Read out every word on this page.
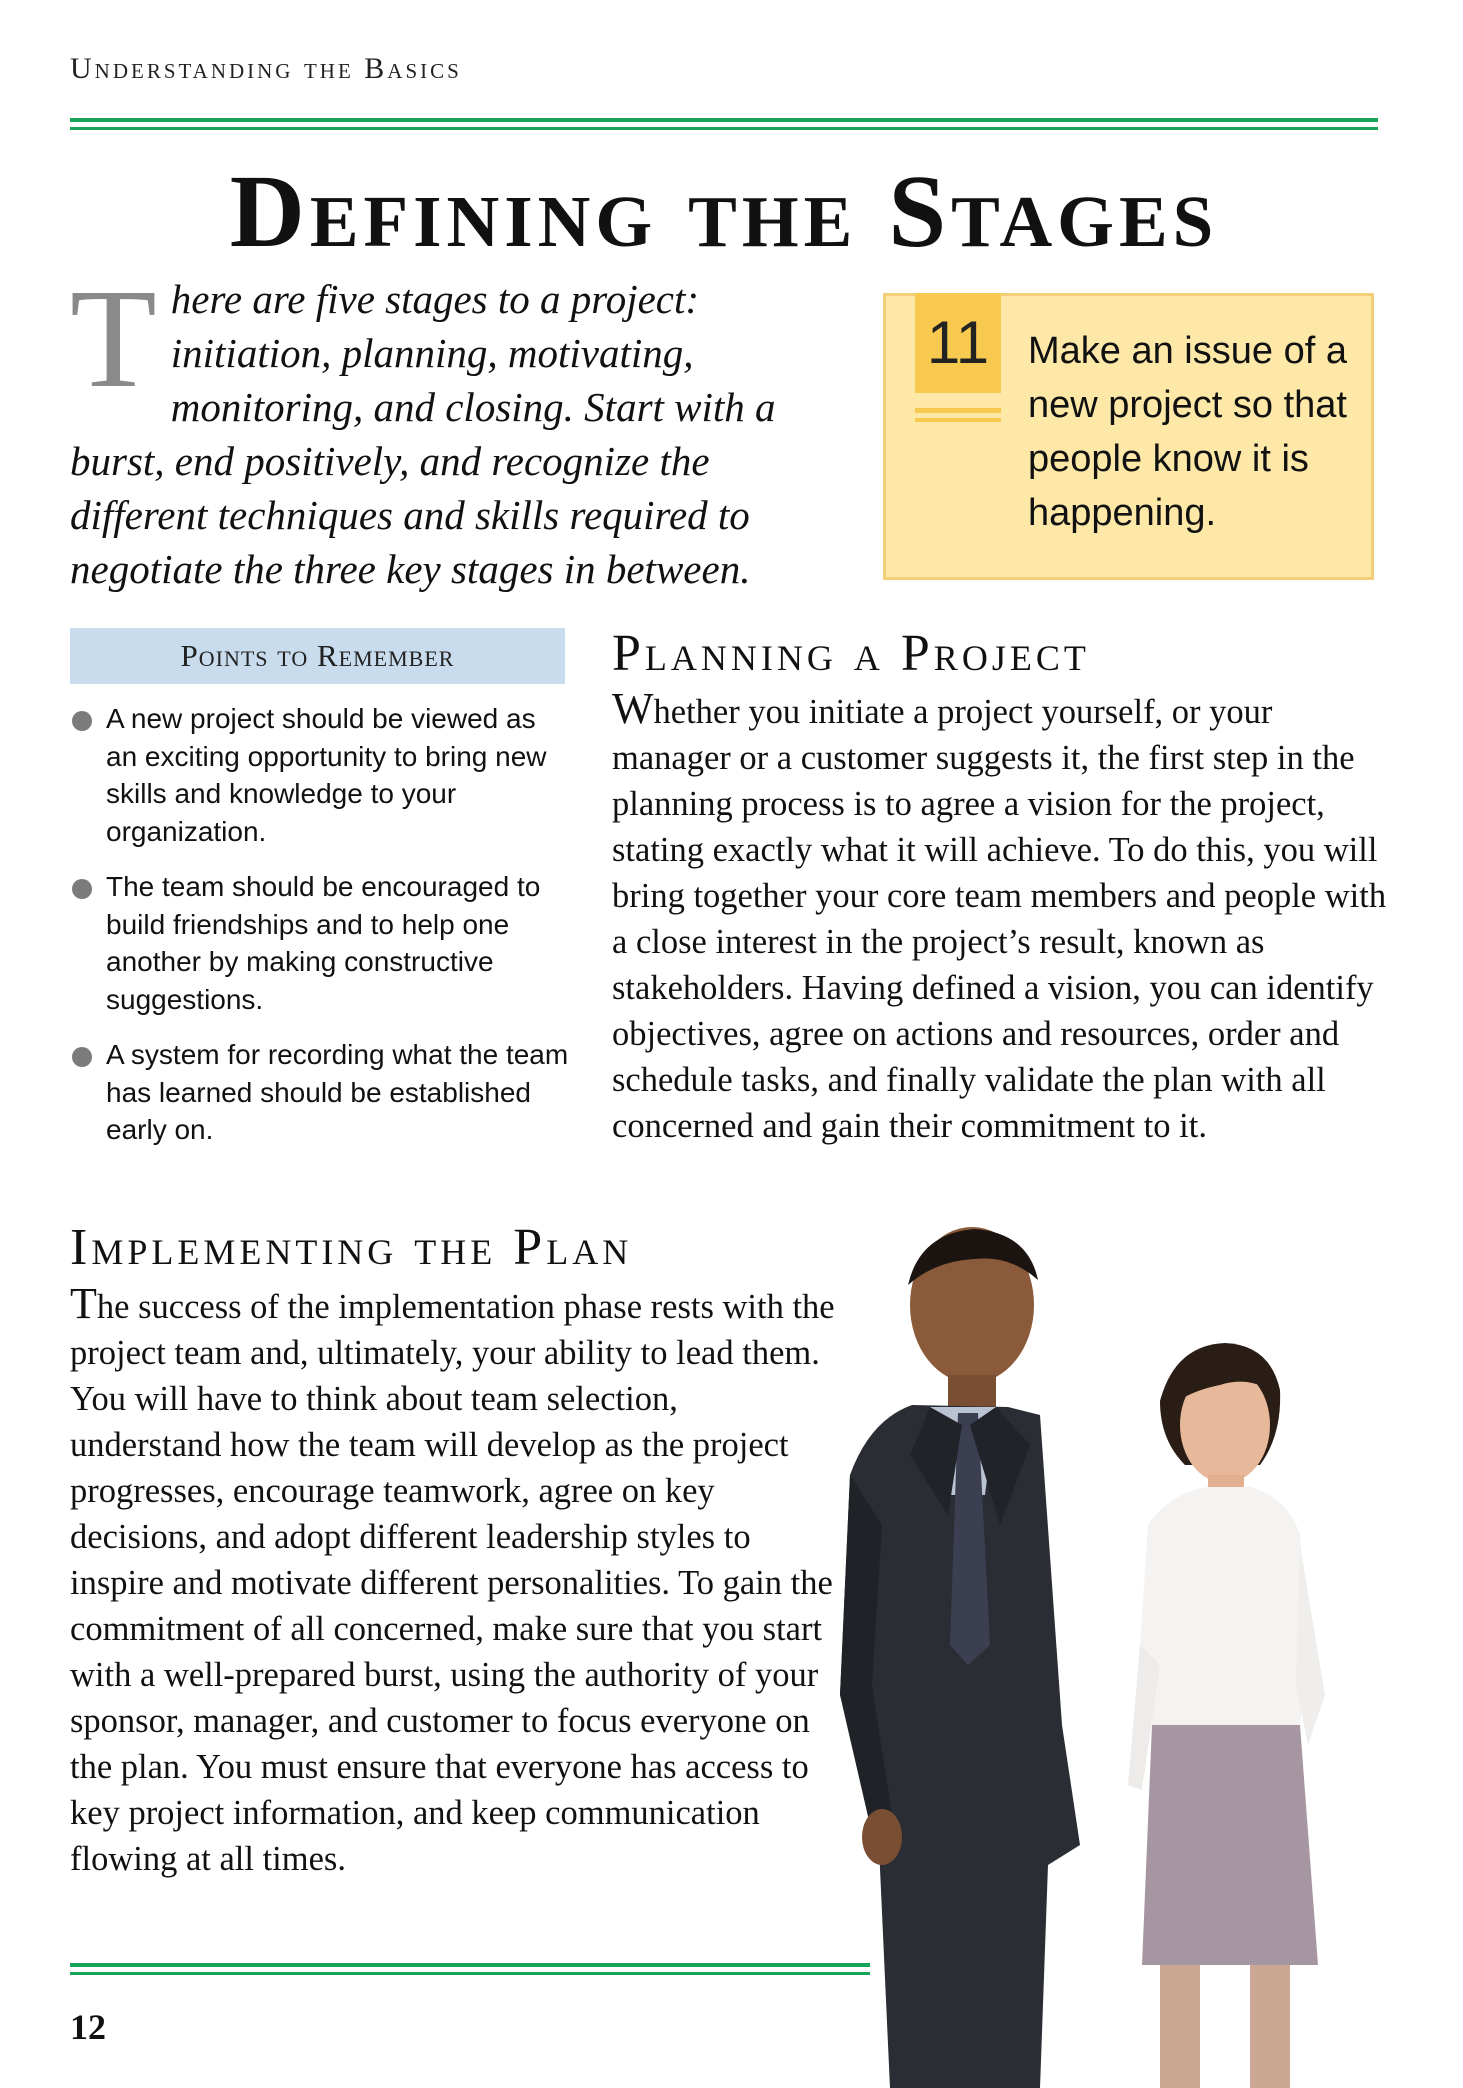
Understanding the Basics
Defining the Stages
There are five stages to a project: initiation, planning, motivating, monitoring, and closing. Start with a burst, end positively, and recognize the different techniques and skills required to negotiate the three key stages in between.
11	Make an issue of a new project so that people know it is happening.
Points to Remember
A new project should be viewed as an exciting opportunity to bring new skills and knowledge to your organization.
The team should be encouraged to build friendships and to help one another by making constructive suggestions.
A system for recording what the team has learned should be established early on.
Planning a Project
Whether you initiate a project yourself, or your manager or a customer suggests it, the first step in the planning process is to agree a vision for the project, stating exactly what it will achieve. To do this, you will bring together your core team members and people with a close interest in the project’s result, known as stakeholders. Having defined a vision, you can identify objectives, agree on actions and resources, order and schedule tasks, and finally validate the plan with all concerned and gain their commitment to it.
Implementing the Plan
The success of the implementation phase rests with the project team and, ultimately, your ability to lead them. You will have to think about team selection, understand how the team will develop as the project progresses, encourage teamwork, agree on key decisions, and adopt different leadership styles to inspire and motivate different personalities. To gain the commitment of all concerned, make sure that you start with a well-prepared burst, using the authority of your sponsor, manager, and customer to focus everyone on the plan. You must ensure that everyone has access to key project information, and keep communication flowing at all times.
12
